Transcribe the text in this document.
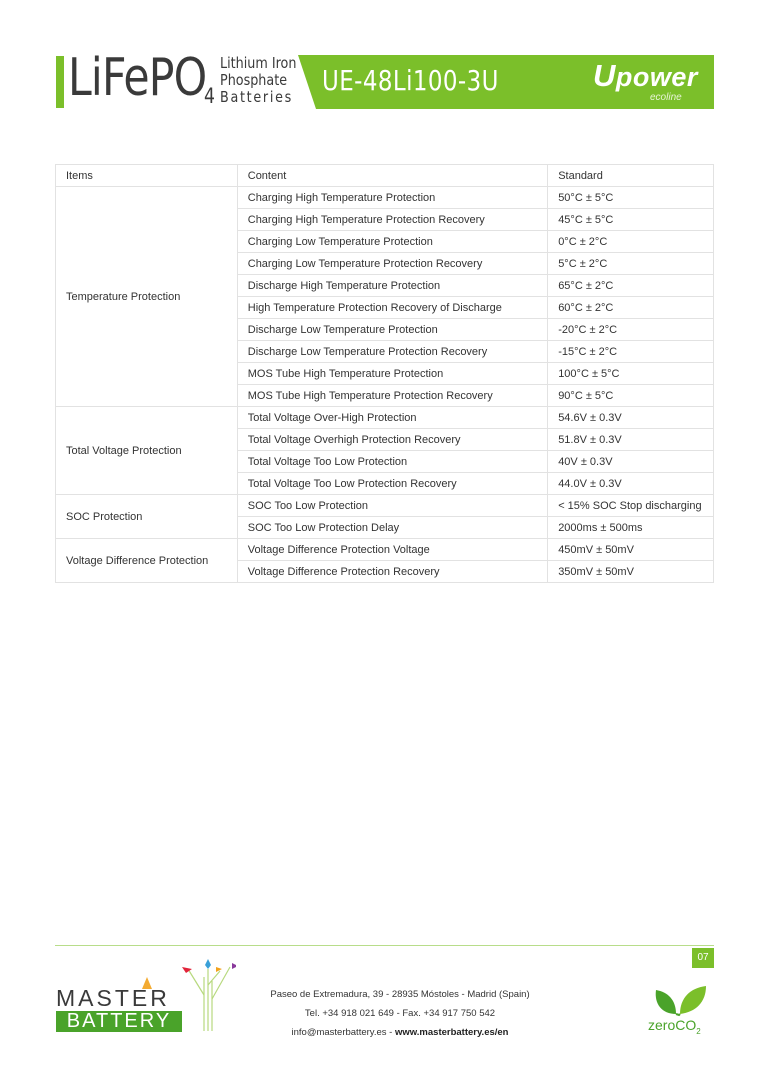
LiFePO
4
Lithium Iron
Phosphate
Batteries UE-48Li100-3U	Upower
ecoline
Items	Content	Standard
Temperature Protection	Charging High Temperature Protection	50°C ± 5°C
	Charging High Temperature Protection Recovery	45°C ± 5°C
	Charging Low Temperature Protection	0°C ± 2°C
	Charging Low Temperature Protection Recovery	5°C ± 2°C
	Discharge High Temperature Protection	65°C ± 2°C
	High Temperature Protection Recovery of Discharge	60°C ± 2°C
	Discharge Low Temperature Protection	-20°C ± 2°C
	Discharge Low Temperature Protection Recovery	-15°C ± 2°C
	MOS Tube High Temperature Protection	100°C ± 5°C
	MOS Tube High Temperature Protection Recovery	90°C ± 5°C
Total Voltage Protection	Total Voltage Over-High Protection	54.6V ± 0.3V
	Total Voltage Overhigh Protection Recovery	51.8V ± 0.3V
	Total Voltage Too Low Protection	40V ± 0.3V
	Total Voltage Too Low Protection Recovery	44.0V ± 0.3V
SOC Protection	SOC Too Low Protection	< 15% SOC Stop discharging
	SOC Too Low Protection Delay	2000ms ± 500ms
Voltage Difference Protection	Voltage Difference Protection Voltage	450mV ± 50mV
	Voltage Difference Protection Recovery	350mV ± 50mV
07
MASTER
BATTERY
Paseo de Extremadura, 39 - 28935 Móstoles - Madrid (Spain)
Tel. +34 918 021 649 - Fax. +34 917 750 542
info@masterbattery.es - www.masterbattery.es/en	zeroCO$_2$
